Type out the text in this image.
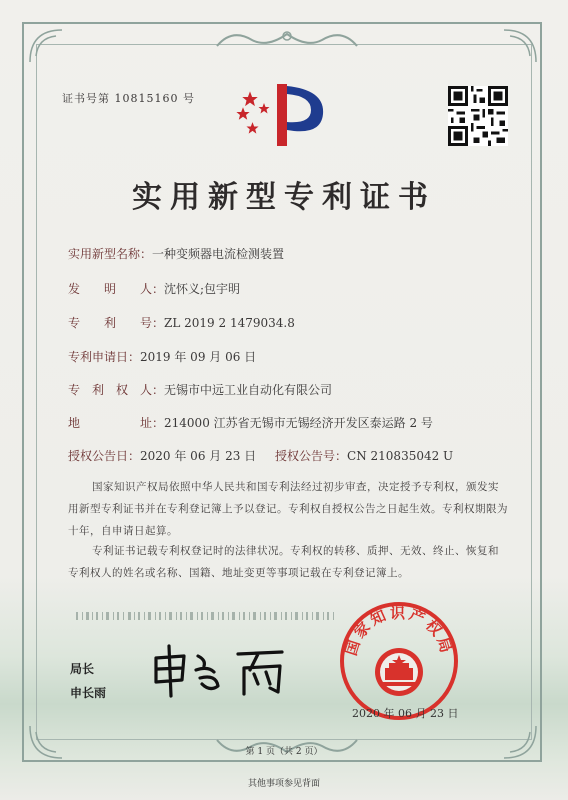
证书号第 10815160 号
实用新型专利证书
实用新型名称：一种变频器电流检测装置
发　　明　　人：沈怀义;包宇明
专　　利　　号：ZL 2019 2 1479034.8
专利申请日：2019 年 09 月 06 日
专　利　权　人：无锡市中远工业自动化有限公司
地　　　　　址：214000 江苏省无锡市无锡经济开发区泰运路 2 号
授权公告日：2020 年 06 月 23 日 授权公告号：CN 210835042 U
国家知识产权局依照中华人民共和国专利法经过初步审查，决定授予专利权，颁发实用新型专利证书并在专利登记簿上予以登记。专利权自授权公告之日起生效。专利权期限为十年，自申请日起算。
专利证书记载专利权登记时的法律状况。专利权的转移、质押、无效、终止、恢复和专利权人的姓名或名称、国籍、地址变更等事项记载在专利登记簿上。
局长
申长雨
国家知识产权局
2020 年 06 月 23 日
第 1 页（共 2 页）
其他事项参见背面
